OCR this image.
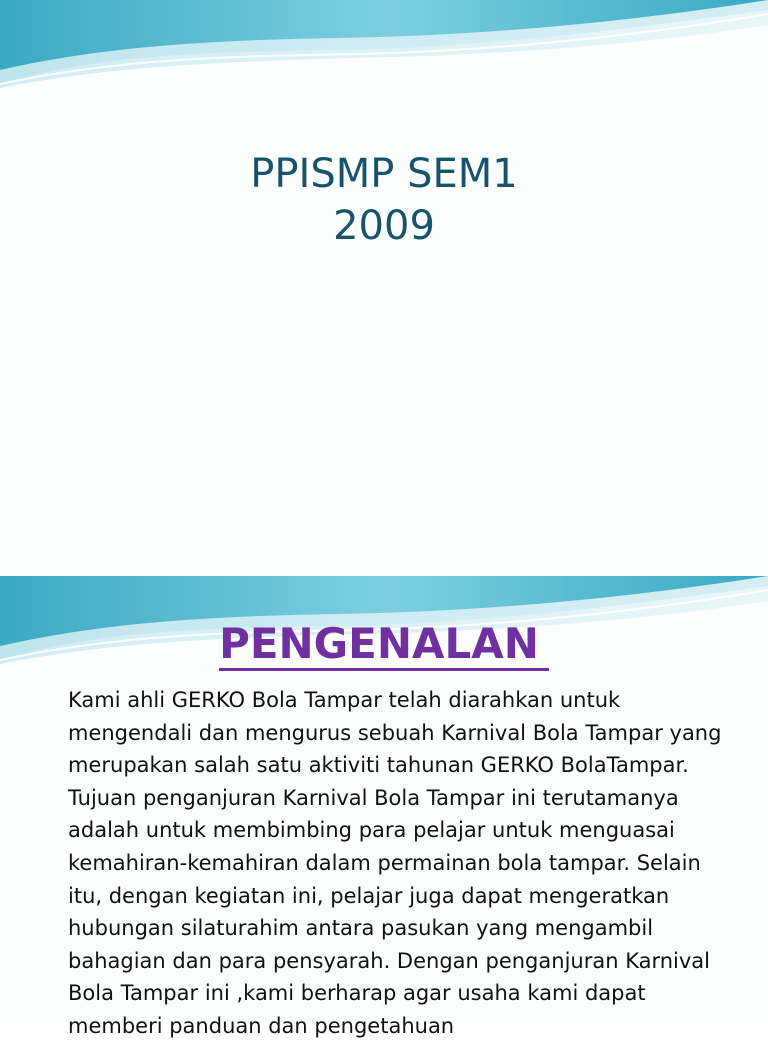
PPISMP SEM1
2009
PENGENALAN
Kami ahli GERKO Bola Tampar telah diarahkan untuk mengendali dan mengurus sebuah Karnival Bola Tampar yang merupakan salah satu aktiviti tahunan GERKO BolaTampar. Tujuan penganjuran Karnival Bola Tampar ini terutamanya adalah untuk membimbing para pelajar untuk menguasai kemahiran-kemahiran dalam permainan bola tampar. Selain itu, dengan kegiatan ini, pelajar juga dapat mengeratkan hubungan silaturahim antara pasukan yang mengambil bahagian dan para pensyarah. Dengan penganjuran Karnival Bola Tampar ini ,kami berharap agar usaha kami dapat memberi panduan dan pengetahuan
